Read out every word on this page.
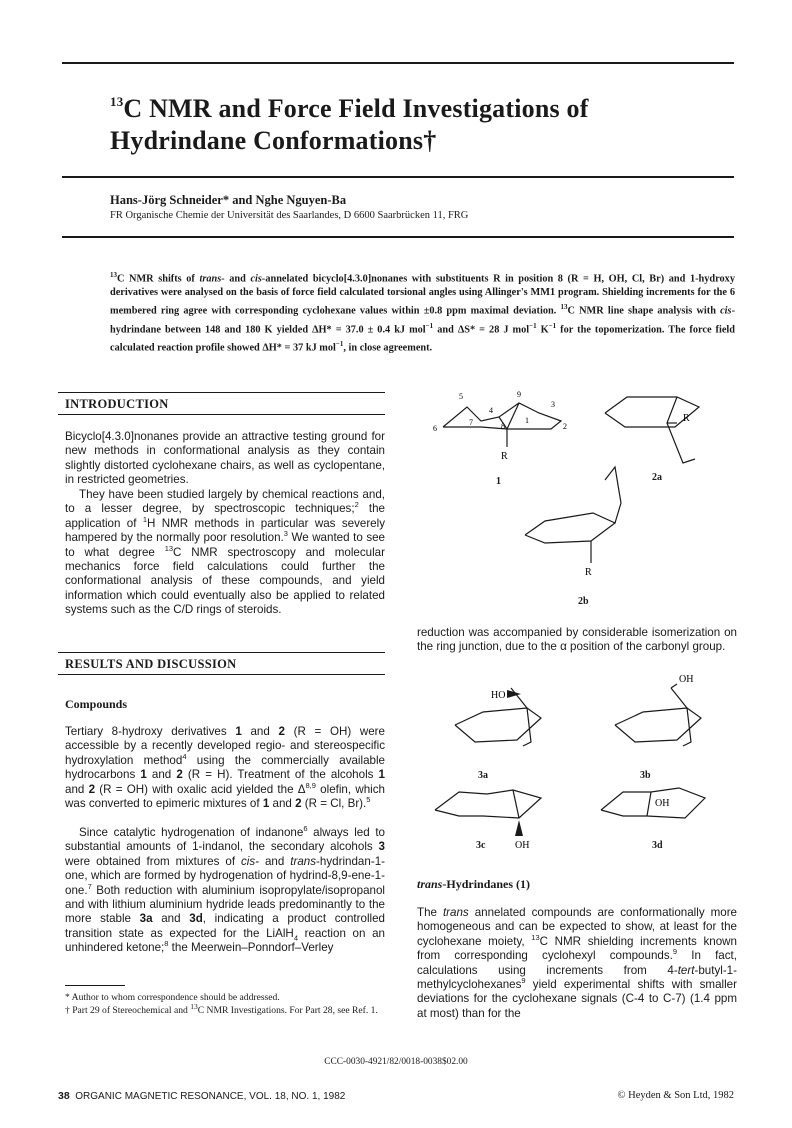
$^{13}$C NMR and Force Field Investigations of
Hydrindane Conformations†
Hans-Jörg Schneider* and Nghe Nguyen-Ba
FR Organische Chemie der Universität des Saarlandes, D 6600 Saarbrücken 11, FRG

$^{13}$C NMR shifts of trans- and cis-annelated bicyclo[4.3.0]nonanes with substituents R in position 8 (R = H, OH, Cl, Br) and 1-hydroxy derivatives were analysed on the basis of force field calculated torsional angles using Allinger's MM1 program. Shielding increments for the 6 membered ring agree with corresponding cyclohexane values within ±0.8 ppm maximal deviation. $^{13}$C NMR line shape analysis with cis-hydrindane between 148 and 180 K yielded ΔH* = 37.0 ± 0.4 kJ mol$^{-1}$ and ΔS* = 28 J mol$^{-1}$ $K^{-1}$ for the topomerization. The force field calculated reaction profile showed ΔH* = 37 kJ mol$^{-1}$, in close agreement.

INTRODUCTION

Bicyclo[4.3.0]nonanes provide an attractive testing ground for new methods in conformational analysis as they contain slightly distorted cyclohexane chairs, as well as cyclopentane, in restricted geometries.

They have been studied largely by chemical reactions and, to a lesser degree, by spectroscopic techniques;$^2$ the application of $^1$H NMR methods in particular was severely hampered by the normally poor resolution.$^3$ We wanted to see to what degree $^{13}$C NMR spectroscopy and molecular mechanics force field calculations could further the conformational analysis of these compounds, and yield information which could eventually also be applied to related systems such as the C/D rings of steroids.

RESULTS AND DISCUSSION
Compounds

Tertiary 8-hydroxy derivatives 1 and 2 (R = OH) were accessible by a recently developed regio- and stereospecific hydroxylation method$^4$ using the commercially available hydrocarbons 1 and 2 (R = H). Treatment of the alcohols 1 and 2 (R = OH) with oxalic acid yielded the Δ$^{8,9}$ olefin, which was converted to epimeric mixtures of 1 and 2 (R = Cl, Br).$^5$

Since catalytic hydrogenation of indanone$^6$ always led to substantial amounts of 1-indanol, the secondary alcohols 3 were obtained from mixtures of cis- and trans-hydrindan-1-one, which are formed by hydrogenation of hydrind-8,9-ene-1-one.$^7$ Both reduction with aluminium isopropylate/isopropanol and with lithium aluminium hydride leads predominantly to the more stable 3a and 3d, indicating a product controlled transition state as expected for the LiAlH$_4$ reaction on an unhindered ketone;$^8$ the Meerwein–Ponndorf–Verley

* Author to whom correspondence should be addressed.

† Part 29 of Stereochemical and $^{13}$C NMR Investigations. For Part 28, see Ref. 1.

5
4
9
3
6
7	8
1
2
R
R
R
1	2a
2b

reduction was accompanied by considerable isomerization on the ring junction, due to the α position of the carbonyl group.

HO
OH
OH
OH
3a	3b
3c	3d
trans-Hydrindanes (1)

The trans annelated compounds are conformationally more homogeneous and can be expected to show, at least for the cyclohexane moiety, $^{13}$C NMR shielding increments known from corresponding cyclohexyl compounds.$^9$ In fact, calculations using increments from 4-tert-butyl-1-methylcyclohexanes$^9$ yield experimental shifts with smaller deviations for the cyclohexane signals (C-4 to C-7) (1.4 ppm at most) than for the

CCC-0030-4921/82/0018-0038$02.00
38 ORGANIC MAGNETIC RESONANCE, VOL. 18, NO. 1, 1982	© Heyden & Son Ltd, 1982
